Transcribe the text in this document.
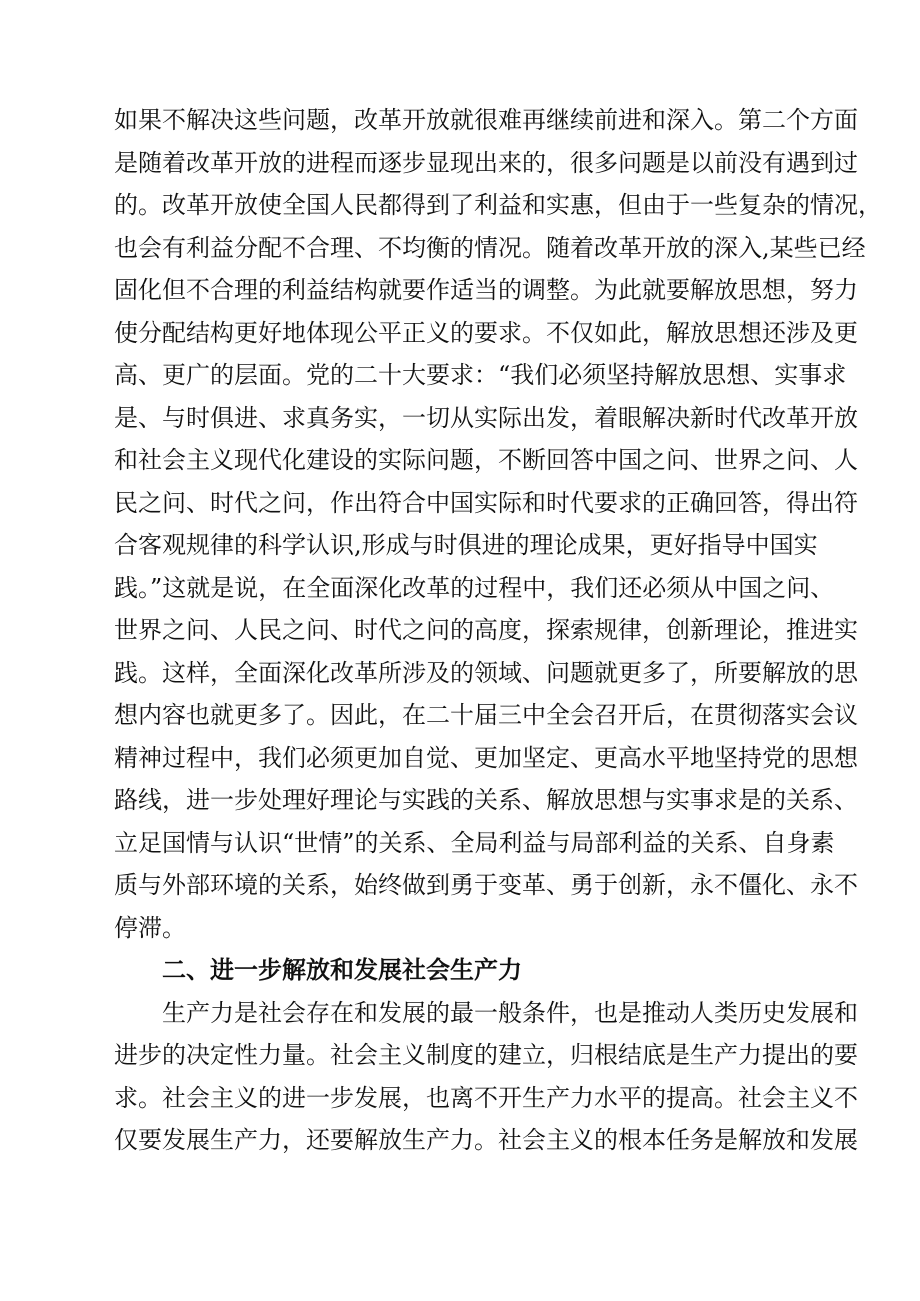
如果不解决这些问题，改革开放就很难再继续前进和深入。第二个方面
是随着改革开放的进程而逐步显现出来的，很多问题是以前没有遇到过
的。改革开放使全国人民都得到了利益和实惠，但由于一些复杂的情况，
也会有利益分配不合理、不均衡的情况。随着改革开放的深入,某些已经
固化但不合理的利益结构就要作适当的调整。为此就要解放思想，努力
使分配结构更好地体现公平正义的要求。不仅如此，解放思想还涉及更
高、更广的层面。党的二十大要求：“我们必须坚持解放思想、实事求
是、与时俱进、求真务实，一切从实际出发，着眼解决新时代改革开放
和社会主义现代化建设的实际问题，不断回答中国之问、世界之问、人
民之问、时代之问，作出符合中国实际和时代要求的正确回答，得出符
合客观规律的科学认识,形成与时俱进的理论成果，更好指导中国实
践。”这就是说，在全面深化改革的过程中，我们还必须从中国之问、
世界之问、人民之问、时代之问的高度，探索规律，创新理论，推进实
践。这样，全面深化改革所涉及的领域、问题就更多了，所要解放的思
想内容也就更多了。因此，在二十届三中全会召开后，在贯彻落实会议
精神过程中，我们必须更加自觉、更加坚定、更高水平地坚持党的思想
路线，进一步处理好理论与实践的关系、解放思想与实事求是的关系、
立足国情与认识“世情”的关系、全局利益与局部利益的关系、自身素
质与外部环境的关系，始终做到勇于变革、勇于创新，永不僵化、永不
停滞。
二、进一步解放和发展社会生产力
生产力是社会存在和发展的最一般条件，也是推动人类历史发展和
进步的决定性力量。社会主义制度的建立，归根结底是生产力提出的要
求。社会主义的进一步发展，也离不开生产力水平的提高。社会主义不
仅要发展生产力，还要解放生产力。社会主义的根本任务是解放和发展
